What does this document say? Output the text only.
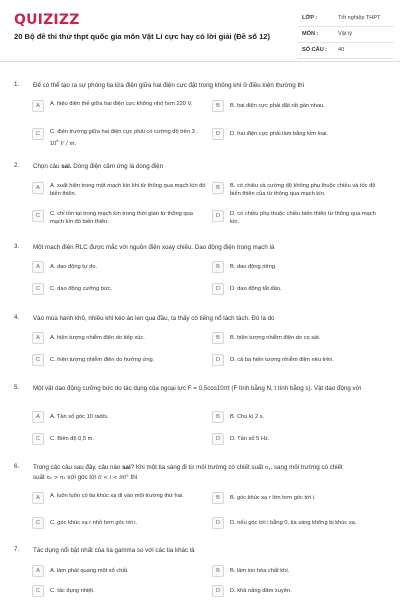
QUIZIZZ
20 Bộ đề thi thử thpt quốc gia môn Vật Lí cực hay có lời giải (Đề số 12)
LỚP :	Tốt nghiệp THPT
MÔN :	Vật lý
SỐ CÂU : 40
1. Để có thể tạo ra sự phóng tia lửa điện giữa hai điện cực đặt trong không khí ở điều kiện thường thì
A	A. hiệu điện thế giữa hai điện cực không nhỏ hơn 220 V.	B	B. hai điện cực phải đặt rất gần nhau.
C	C. điện trường giữa hai điện cực phải có cường độ trên 3 . $10^6$ V / m.
D	D. hai điện cực phải làm bằng kim loại.
2. Chọn câu sai. Dòng điện cảm ứng là dòng điện
A	A. xuất hiện trong một mạch kín khi từ thông qua mạch kín đó biến thiên.
B	B. có chiều và cường độ không phụ thuộc chiều và tốc độ biến thiên của từ thông qua mạch kín.
C	C. chỉ tồn tại trong mạch kín trong thời gian từ thông qua mạch kín đó biến thiên.
D	D. có chiều phụ thuộc chiều biến thiên từ thông qua mạch kín.
3. Một mạch điện RLC được mắc với nguồn điện xoay chiều. Dao động điện trong mạch là
A	A. dao động tự do.	B	B. dao động riêng.
C	C. dao động cưỡng bức.	D	D. dao động tắt dần.
4. Vào mùa hanh khô, nhiều khi kéo áo len qua đầu, ta thấy có tiếng nổ lách tách. Đó là do
A	A. hiện tượng nhiễm điện do tiếp xúc.	B	B. hiện tượng nhiễm điện do cọ xát.
C	C. hiện tượng nhiễm điện do hưởng ứng.	D	D. cả ba hiện tượng nhiễm điện nêu trên.
5. Một vật dao động cưỡng bức do tác dụng của ngoại lực F = 0,5cos10πt (F tính bằng N, t tính bằng s). Vật dao động với
A	A. Tần số góc 10 rad/s.	B	B. Chu kì 2 s.
C	C. Biên độ 0,5 m.	D	D. Tần số 5 Hz.
6. Trong các câu sau đây, câu nào sai? Khi một tia sáng đi từ môi trường có chiết suất $n_1$, sang môi trường có chiết
suất n₂ > n₁ với góc tới 0 < i < 90° thì
A	A. luôn luôn có tia khúc xạ đi vào môi trường thứ hai.	B	B. góc khúc xạ r lớn hơn góc tới i.
C	C. góc khúc xạ r nhỏ hơn góc tới i.	D	D. nếu góc tới i bằng 0, tia sáng không bị khúc xạ.
7. Tác dụng nổi bật nhất của tia gamma so với các tia khác là
A	A. làm phát quang một số chất.	B	B. làm ion hóa chất khí.
C	C. tác dụng nhiệt.	D	D. khả năng đâm xuyên.
